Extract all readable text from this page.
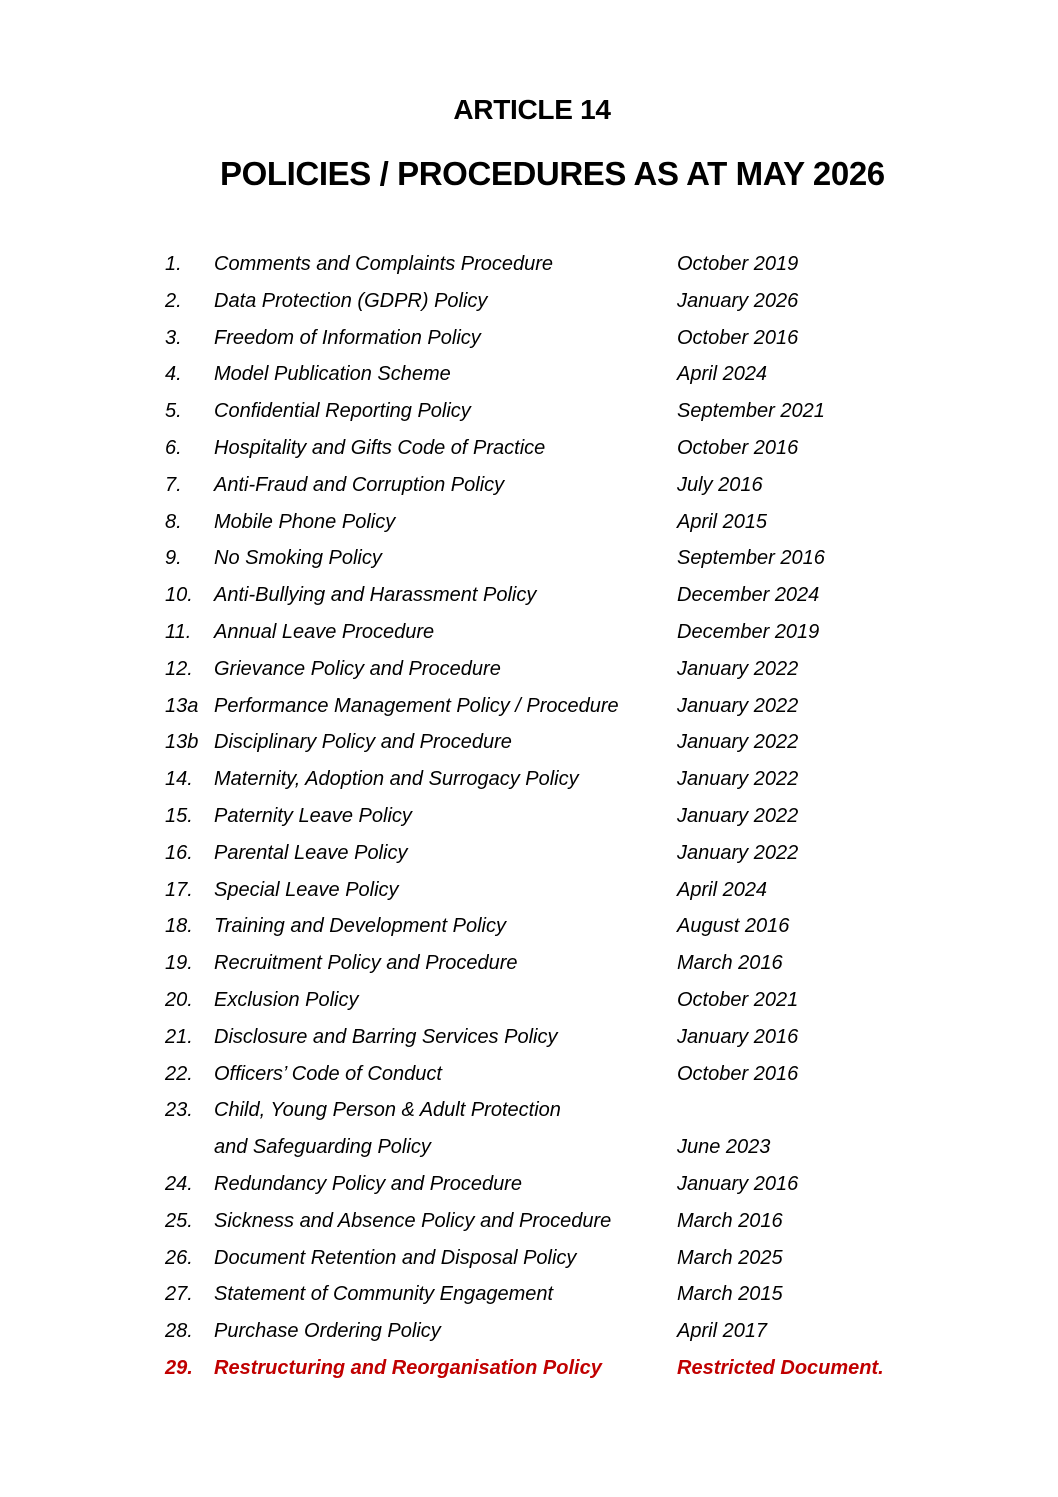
ARTICLE 14
POLICIES / PROCEDURES AS AT MAY 2026
1. Comments and Complaints Procedure	October 2019
2. Data Protection (GDPR) Policy	January 2026
3. Freedom of Information Policy	October 2016
4. Model Publication Scheme	April 2024
5. Confidential Reporting Policy	September 2021
6. Hospitality and Gifts Code of Practice	October 2016
7. Anti-Fraud and Corruption Policy	July 2016
8. Mobile Phone Policy	April 2015
9. No Smoking Policy	September 2016
10. Anti-Bullying and Harassment Policy	December 2024
11. Annual Leave Procedure	December 2019
12. Grievance Policy and Procedure	January 2022
13a Performance Management Policy / Procedure	January 2022
13b Disciplinary Policy and Procedure	January 2022
14. Maternity, Adoption and Surrogacy Policy	January 2022
15. Paternity Leave Policy	January 2022
16. Parental Leave Policy	January 2022
17. Special Leave Policy	April 2024
18. Training and Development Policy	August 2016
19. Recruitment Policy and Procedure	March 2016
20. Exclusion Policy	October 2021
21. Disclosure and Barring Services Policy	January 2016
22. Officers’ Code of Conduct	October 2016
23. Child, Young Person & Adult Protection
and Safeguarding Policy	June 2023
24. Redundancy Policy and Procedure	January 2016
25. Sickness and Absence Policy and Procedure	March 2016
26. Document Retention and Disposal Policy	March 2025
27. Statement of Community Engagement	March 2015
28. Purchase Ordering Policy	April 2017
29. Restructuring and Reorganisation Policy	Restricted Document.
